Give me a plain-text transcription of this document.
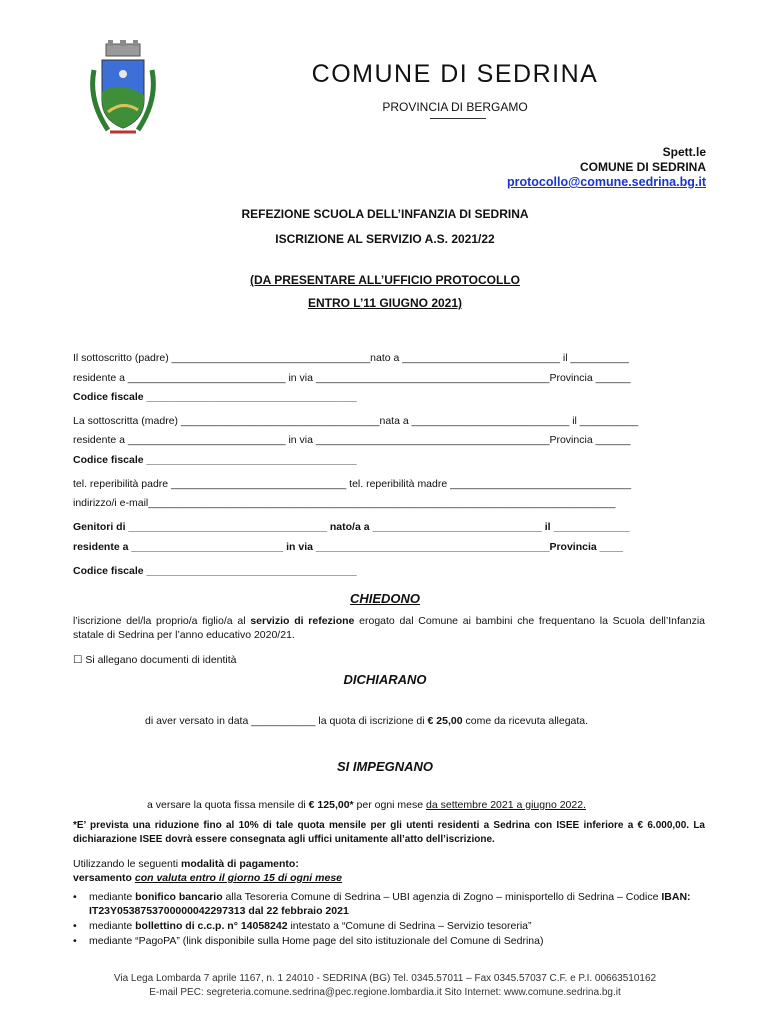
COMUNE DI SEDRINA
PROVINCIA DI BERGAMO
Spett.le
COMUNE DI SEDRINA
protocollo@comune.sedrina.bg.it
REFEZIONE SCUOLA DELL’INFANZIA DI SEDRINA
ISCRIZIONE AL SERVIZIO A.S. 2021/22
(DA PRESENTARE ALL’UFFICIO PROTOCOLLO
ENTRO L’11 GIUGNO 2021)
Il sottoscritto (padre) __________________________________nato a ___________________________ il __________
residente a ___________________________ in via ________________________________________Provincia ______
Codice fiscale ____________________________________
La sottoscritta (madre) __________________________________nata a ___________________________ il __________
residente a ___________________________ in via ________________________________________Provincia ______
Codice fiscale ____________________________________
tel. reperibilità padre ______________________________ tel. reperibilità madre _______________________________
indirizzo/i e-mail________________________________________________________________________________
Genitori di __________________________________ nato/a a _____________________________ il _____________
residente a __________________________ in via ________________________________________Provincia ____
Codice fiscale ____________________________________
CHIEDONO
l’iscrizione del/la proprio/a figlio/a al servizio di refezione erogato dal Comune ai bambini che frequentano la Scuola dell’Infanzia statale di Sedrina per l’anno educativo 2020/21.
☐ Si allegano documenti di identità
DICHIARANO
di aver versato in data ___________ la quota di iscrizione di € 25,00 come da ricevuta allegata.
SI IMPEGNANO
a versare la quota fissa mensile di € 125,00* per ogni mese da settembre 2021 a giugno 2022.
*E’ prevista una riduzione fino al 10% di tale quota mensile per gli utenti residenti a Sedrina con ISEE inferiore a € 6.000,00. La dichiarazione ISEE dovrà essere consegnata agli uffici unitamente all’atto dell’iscrizione.
Utilizzando le seguenti modalità di pagamento:
versamento con valuta entro il giorno 15 di ogni mese
• mediante bonifico bancario alla Tesoreria Comune di Sedrina – UBI agenzia di Zogno – minisportello di Sedrina – Codice IBAN: IT23Y0538753700000042297313 dal 22 febbraio 2021
• mediante bollettino di c.c.p. n° 14058242 intestato a “Comune di Sedrina – Servizio tesoreria”
• mediante “PagoPA” (link disponibile sulla Home page del sito istituzionale del Comune di Sedrina)
Via Lega Lombarda 7 aprile 1167, n. 1 24010 - SEDRINA (BG) Tel. 0345.57011 – Fax 0345.57037 C.F. e P.I. 00663510162
E-mail PEC: segreteria.comune.sedrina@pec.regione.lombardia.it Sito Internet: www.comune.sedrina.bg.it
